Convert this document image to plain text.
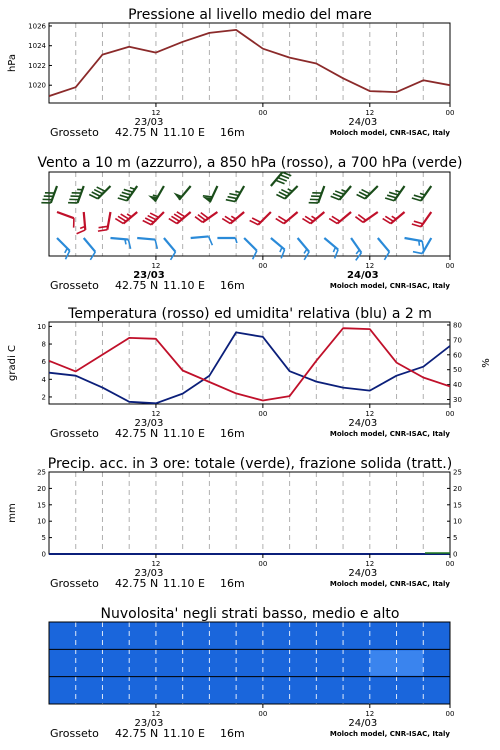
Pressione al livello medio del mare
1020
1022
1024
1026
hPa
12	00	12	00
23/03	24/03
Grosseto 42.75 N 11.10 E 16m	Moloch model, CNR-ISAC, Italy
Vento a 10 m (azzurro), a 850 hPa (rosso), a 700 hPa (verde)
12	00	12	00
23/03	24/03
Grosseto 42.75 N 11.10 E 16m	Moloch model, CNR-ISAC, Italy
Temperatura (rosso) ed umidita' relativa (blu) a 2 m
2
4
6
8
10
30
40
50
60
70
80
gradi C	%
12	00	12	00
23/03	24/03
Grosseto 42.75 N 11.10 E 16m	Moloch model, CNR-ISAC, Italy
Precip. acc. in 3 ore: totale (verde), frazione solida (tratt.)
0
5
10
15
20
25
0
5
10
15
20
25
mm
12	00	12	00
23/03	24/03
Grosseto 42.75 N 11.10 E 16m	Moloch model, CNR-ISAC, Italy
Nuvolosita' negli strati basso, medio e alto
12	00	12	00
23/03	24/03
Grosseto 42.75 N 11.10 E 16m	Moloch model, CNR-ISAC, Italy
